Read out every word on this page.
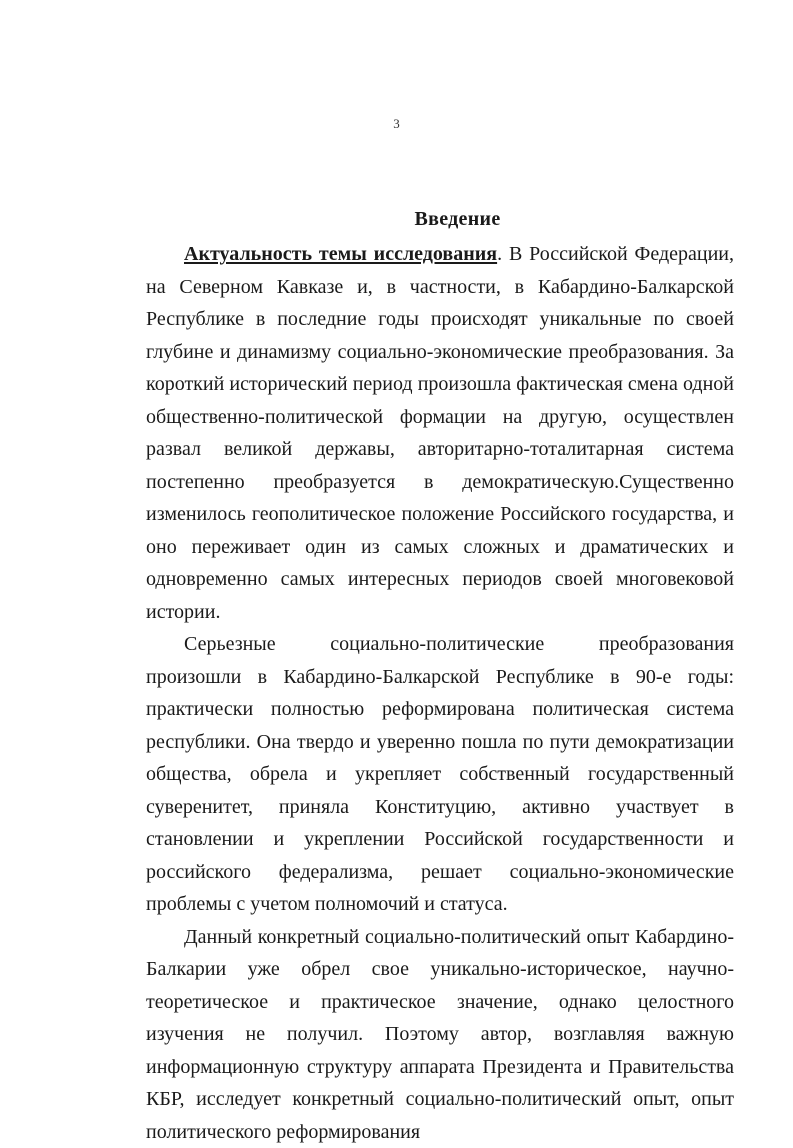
3
Введение

Актуальность темы исследования. В Российской Федерации, на Северном Кавказе и, в частности, в Кабардино-Балкарской Республике в последние годы происходят уникальные по своей глубине и динамизму социально-экономические преобразования. За короткий исторический период произошла фактическая смена одной общественно-политической формации на другую, осуществлен развал великой державы, авторитарно-тоталитарная система постепенно преобразуется в демократическую.Существенно изменилось геополитическое положение Российского государства, и оно переживает один из самых сложных и драматических и одновременно самых интересных периодов своей многовековой истории.

Серьезные социально-политические преобразования произошли в Кабардино-Балкарской Республике в 90-е годы: практически полностью реформирована политическая система республики. Она твердо и уверенно пошла по пути демократизации общества, обрела и укрепляет собственный государственный суверенитет, приняла Конституцию, активно участвует в становлении и укреплении Российской государственности и российского федерализма, решает социально-экономические проблемы с учетом полномочий и статуса.

Данный конкретный социально-политический опыт Кабардино-Балкарии уже обрел свое уникально-историческое, научно-теоретическое и практическое значение, однако целостного изучения не получил. Поэтому автор, возглавляя важную информационную структуру аппарата Президента и Правительства КБР, исследует конкретный социально-политический опыт, опыт политического реформирования
